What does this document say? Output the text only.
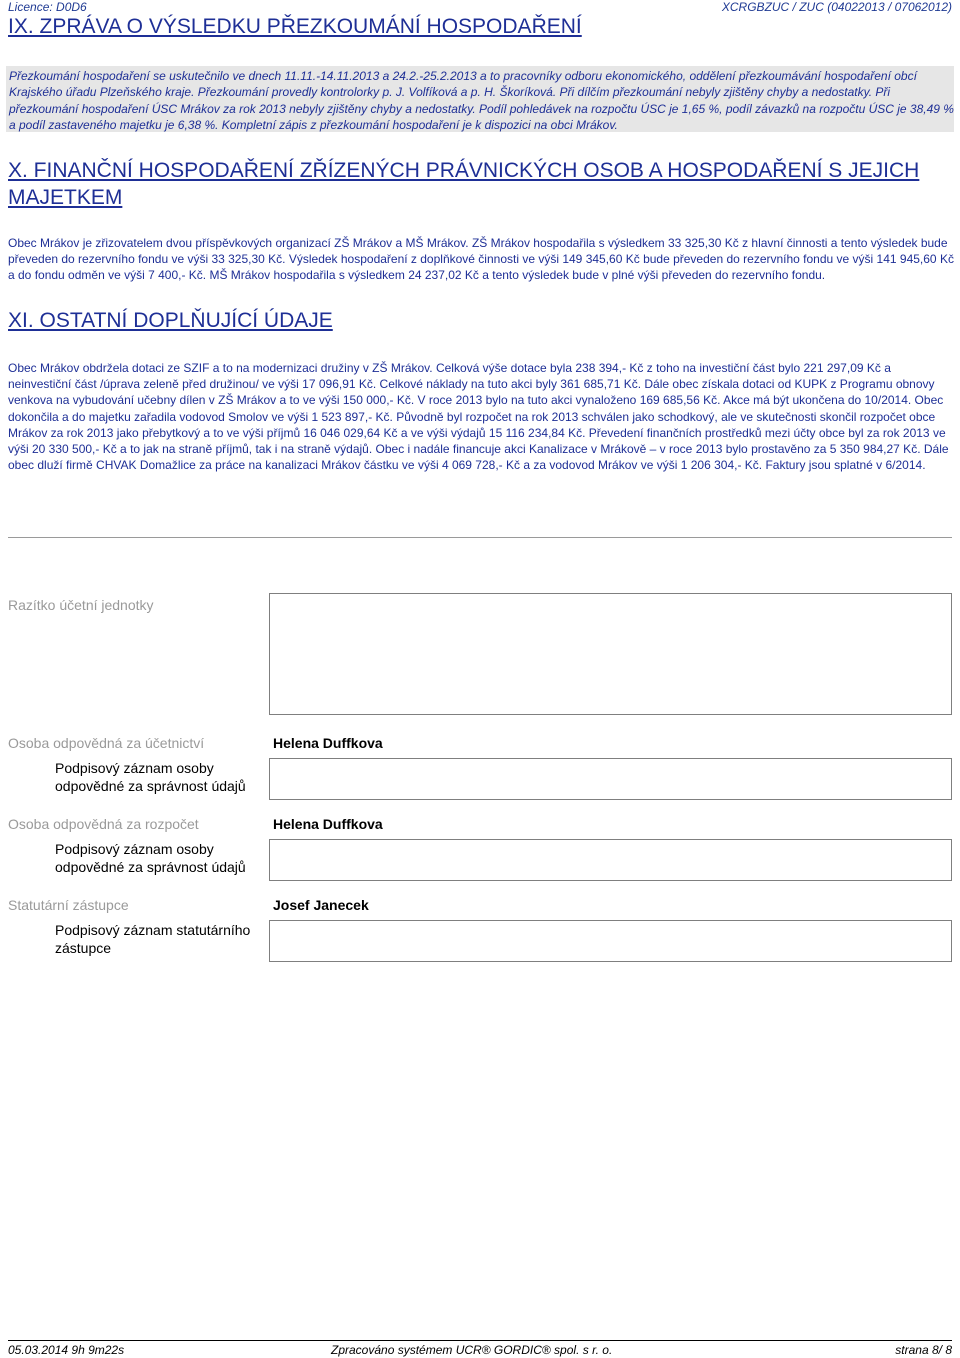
Licence: D0D6	XCRGBZUC / ZUC (04022013 / 07062012)
IX. ZPRÁVA O VÝSLEDKU PŘEZKOUMÁNÍ HOSPODAŘENÍ

Přezkoumání hospodaření se uskutečnilo ve dnech 11.11.-14.11.2013 a 24.2.-25.2.2013 a to pracovníky odboru ekonomického, oddělení přezkoumávání hospodaření obcí Krajského úřadu Plzeňského kraje. Přezkoumání provedly kontrolorky p. J. Volfíková a p. H. Škoríková. Při dílčím přezkoumání nebyly zjištěny chyby a nedostatky. Při přezkoumání hospodaření ÚSC Mrákov za rok 2013 nebyly zjištěny chyby a nedostatky. Podíl pohledávek na rozpočtu ÚSC je 1,65 %, podíl závazků na rozpočtu ÚSC je 38,49 % a podíl zastaveného majetku je 6,38 %. Kompletní zápis z přezkoumání hospodaření je k dispozici na obci Mrákov.

X. FINANČNÍ HOSPODAŘENÍ ZŘÍZENÝCH PRÁVNICKÝCH OSOB A HOSPODAŘENÍ S JEJICH MAJETKEM
Obec Mrákov je zřizovatelem dvou příspěvkových organizací ZŠ Mrákov a MŠ Mrákov. ZŠ Mrákov hospodařila s výsledkem 33 325,30 Kč z hlavní činnosti a tento výsledek bude převeden do rezervního fondu ve výši 33 325,30 Kč. Výsledek hospodaření z doplňkové činnosti ve výši 149 345,60 Kč bude převeden do rezervního fondu ve výši 141 945,60 Kč a do fondu odměn ve výši 7 400,- Kč. MŠ Mrákov hospodařila s výsledkem 24 237,02 Kč a tento výsledek bude v plné výši převeden do rezervního fondu.
XI. OSTATNÍ DOPLŇUJÍCÍ ÚDAJE
Obec Mrákov obdržela dotaci ze SZIF a to na modernizaci družiny v ZŠ Mrákov. Celková výše dotace byla 238 394,- Kč z toho na investiční část bylo 221 297,09 Kč a neinvestiční část /úprava zeleně před družinou/ ve výši 17 096,91 Kč. Celkové náklady na tuto akci byly 361 685,71 Kč. Dále obec získala dotaci od KUPK z Programu obnovy venkova na vybudování učebny dílen v ZŠ Mrákov a to ve výši 150 000,- Kč. V roce 2013 bylo na tuto akci vynaloženo 169 685,56 Kč. Akce má být ukončena do 10/2014. Obec dokončila a do majetku zařadila vodovod Smolov ve výši 1 523 897,- Kč. Původně byl rozpočet na rok 2013 schválen jako schodkový, ale ve skutečnosti skončil rozpočet obce Mrákov za rok 2013 jako přebytkový a to ve výši příjmů 16 046 029,64 Kč a ve výši výdajů 15 116 234,84 Kč. Převedení finančních prostředků mezi účty obce byl za rok 2013 ve výši 20 330 500,- Kč a to jak na straně příjmů, tak i na straně výdajů. Obec i nadále financuje akci Kanalizace v Mrákově – v roce 2013 bylo prostavěno za 5 350 984,27 Kč. Dále obec dluží firmě CHVAK Domažlice za práce na kanalizaci Mrákov částku ve výši 4 069 728,- Kč a za vodovod Mrákov ve výši 1 206 304,- Kč. Faktury jsou splatné v 6/2014.
Razítko účetní jednotky
Osoba odpovědná za účetnictví	Helena Duffkova
Podpisový záznam osoby odpovědné za správnost údajů
Osoba odpovědná za rozpočet	Helena Duffkova
Podpisový záznam osoby odpovědné za správnost údajů
Statutární zástupce	Josef Janecek
Podpisový záznam statutárního zástupce
05.03.2014 9h 9m22s	Zpracováno systémem UCR® GORDIC® spol. s r. o.	strana 8/ 8
